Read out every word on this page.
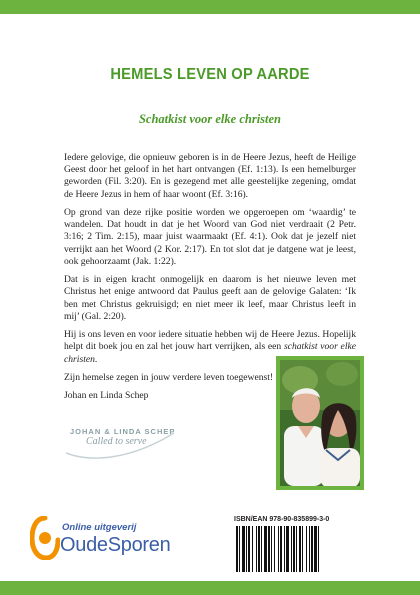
HEMELS LEVEN OP AARDE
Schatkist voor elke christen

Iedere gelovige, die opnieuw geboren is in de Heere Jezus, heeft de Heilige Geest door het geloof in het hart ontvangen (Ef. 1:13). Is een hemelburger geworden (Fil. 3:20). En is gezegend met alle geestelijke zegening, omdat de Heere Jezus in hem of haar woont (Ef. 3:16).

Op grond van deze rijke positie worden we opgeroepen om ‘waardig’ te wandelen. Dat houdt in dat je het Woord van God niet verdraait (2 Petr. 3:16; 2 Tim. 2:15), maar juist waarmaakt (Ef. 4:1). Ook dat je jezelf niet verrijkt aan het Woord (2 Kor. 2:17). En tot slot dat je datgene wat je leest, ook gehoorzaamt (Jak. 1:22).

Dat is in eigen kracht onmogelijk en daarom is het nieuwe leven met Christus het enige antwoord dat Paulus geeft aan de gelovige Galaten: ‘Ik ben met Christus gekruisigd; en niet meer ik leef, maar Christus leeft in mij’ (Gal. 2:20).

Hij is ons leven en voor iedere situatie hebben wij de Heere Jezus. Hopelijk helpt dit boek jou en zal het jouw hart verrijken, als een schatkist voor elke christen.

Zijn hemelse zegen in jouw verdere leven toegewenst!

Johan en Linda Schep

JOHAN & LINDA SCHEP
Called to serve
Online uitgeverij
OudeSporen
ISBN/EAN 978-90-835899-3-0
